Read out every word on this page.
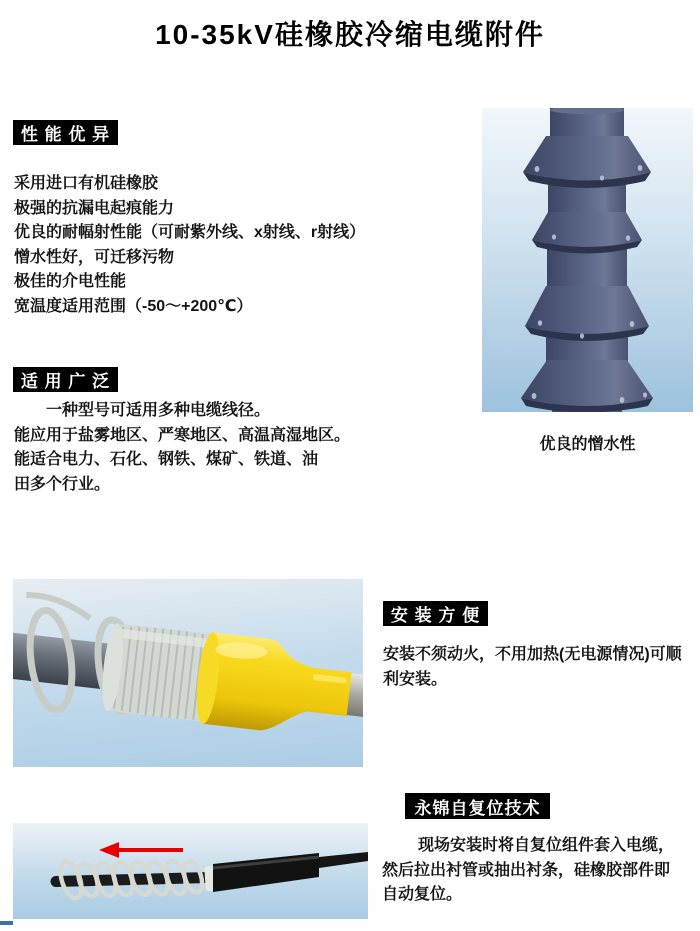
10-35kV硅橡胶冷缩电缆附件
性 能 优 异
采用进口有机硅橡胶
极强的抗漏电起痕能力
优良的耐幅射性能（可耐紫外线、x射线、r射线）
憎水性好，可迁移污物
极佳的介电性能
宽温度适用范围（-50～+200℃）
适 用 广 泛
一种型号可适用多种电缆线径。
能应用于盐雾地区、严寒地区、高温高湿地区。
能适合电力、石化、钢铁、煤矿、铁道、油
田多个行业。
优良的憎水性
安 装 方 便
安装不须动火，不用加热(无电源情况)可顺
利安装。
永锦自复位技术
现场安装时将自复位组件套入电缆，
然后拉出衬管或抽出衬条，硅橡胶部件即
自动复位。
